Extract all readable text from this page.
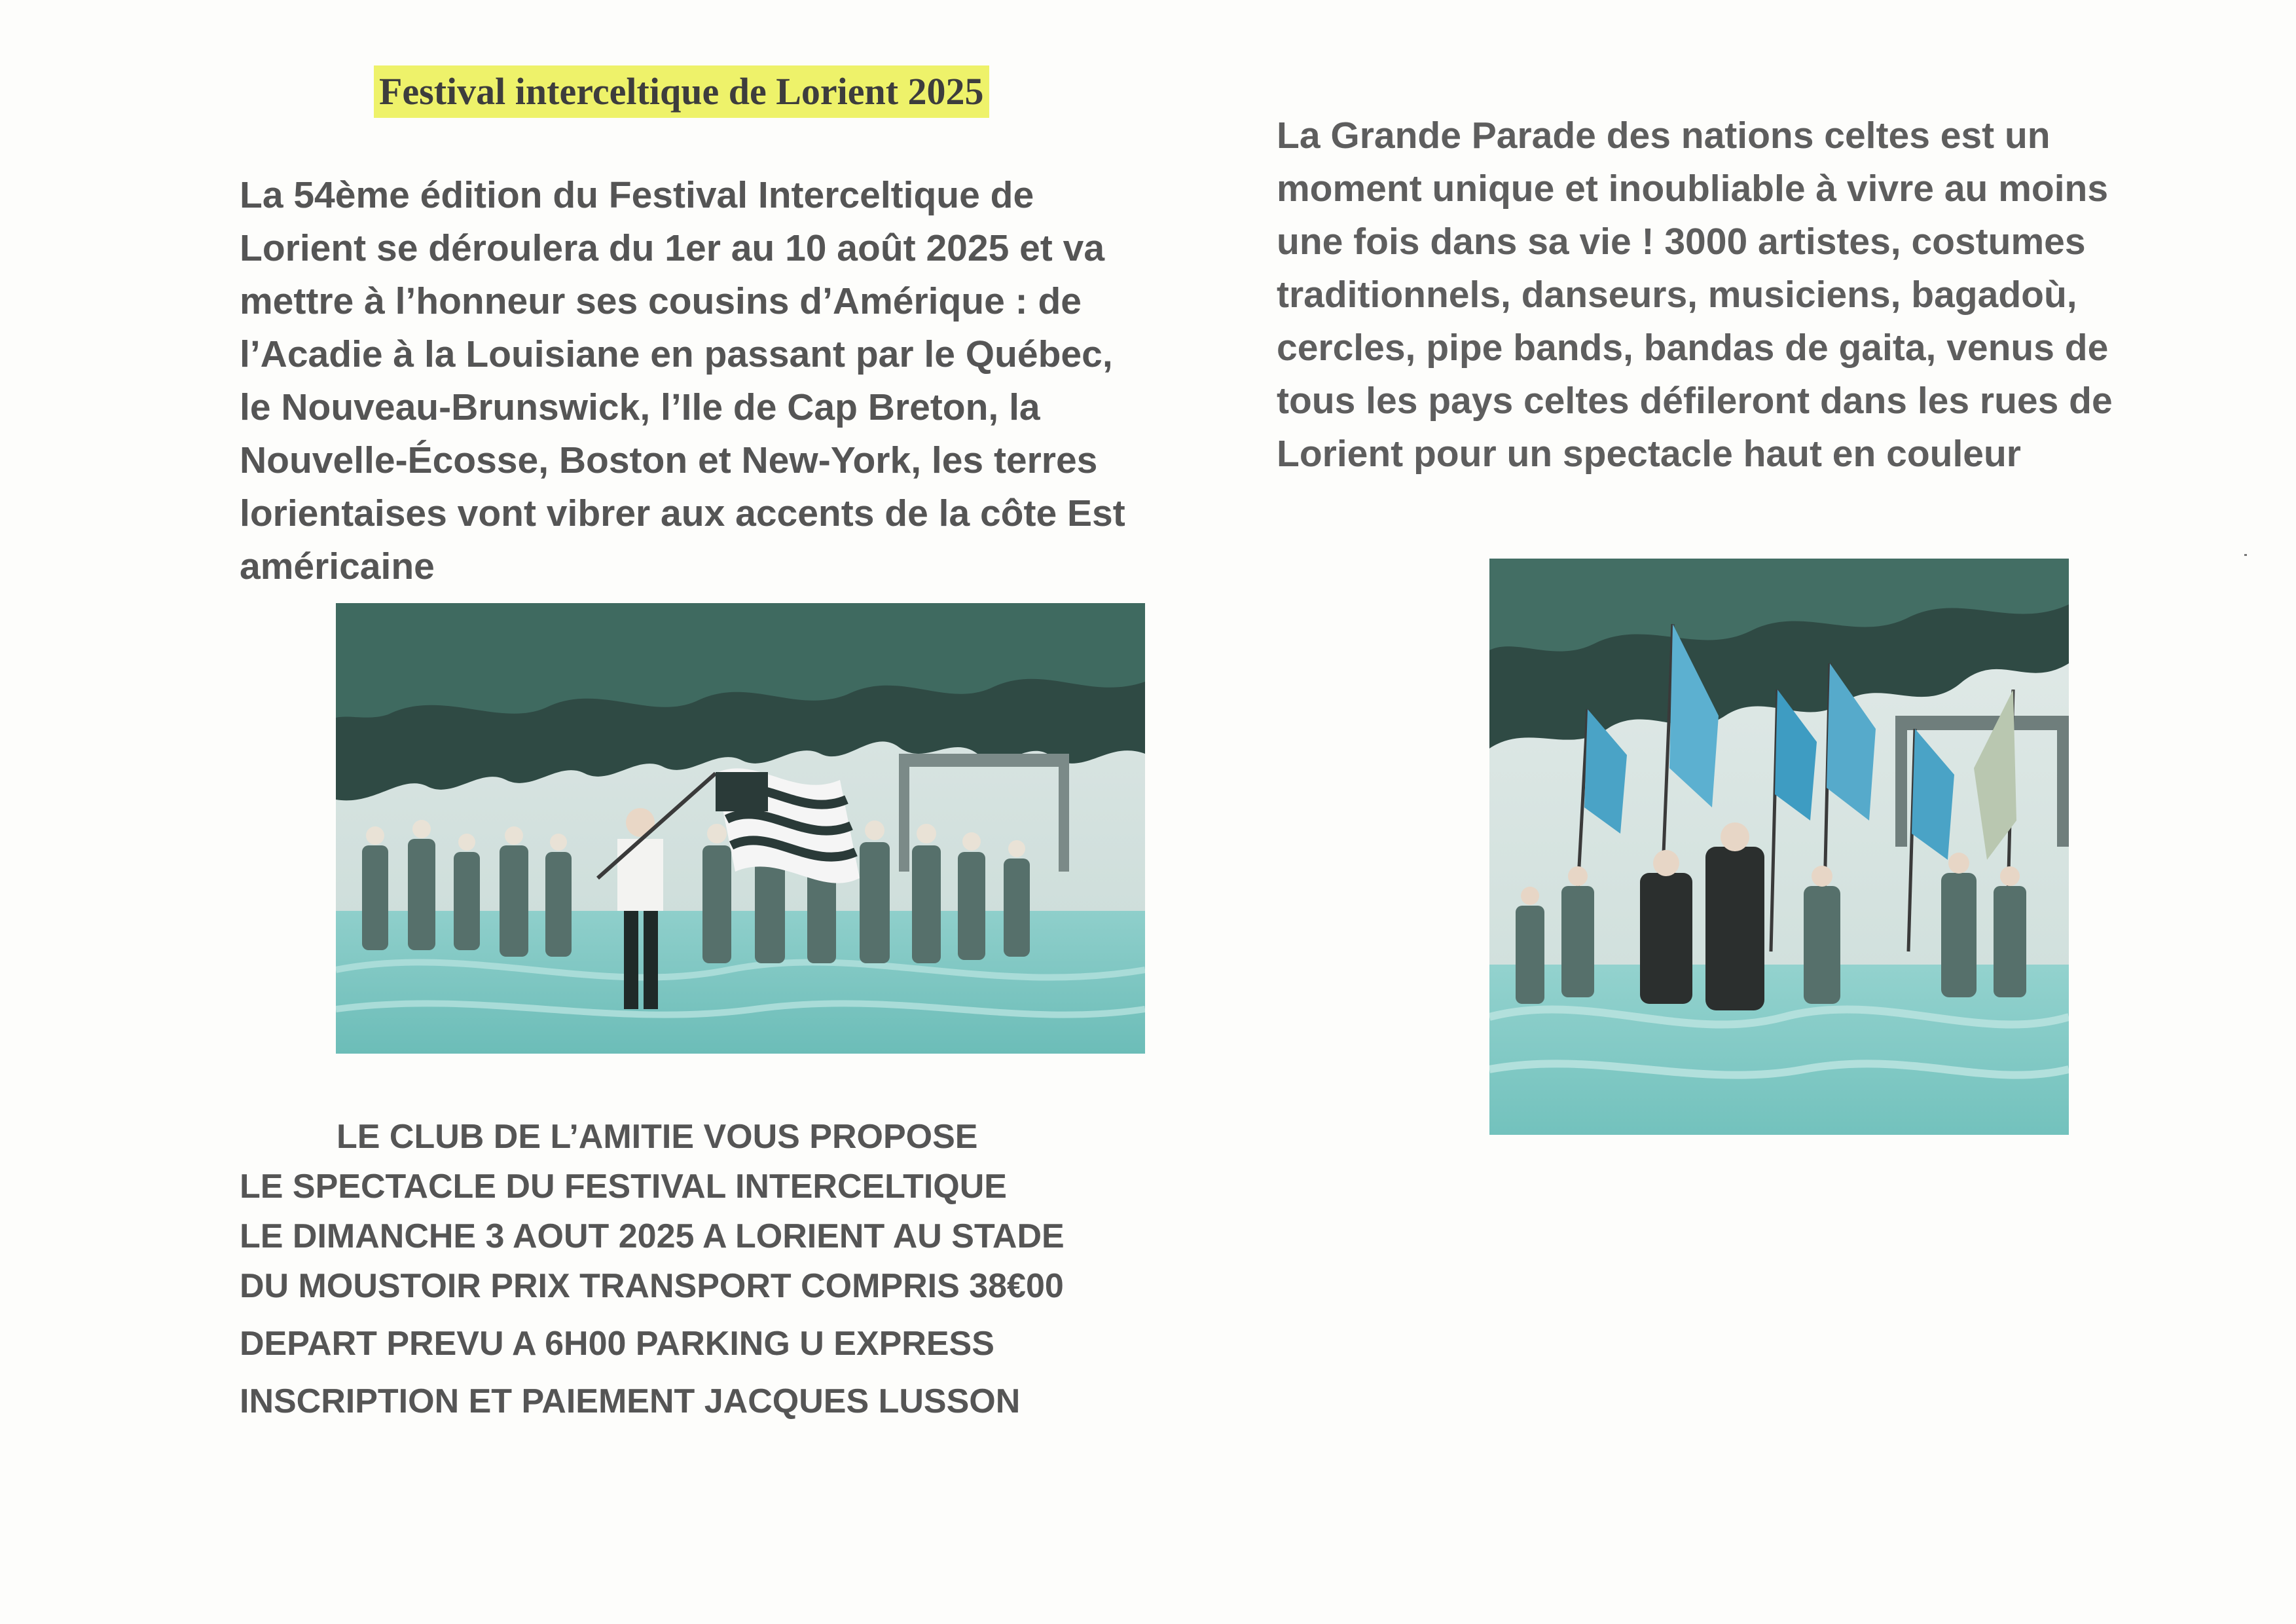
Festival interceltique de Lorient 2025

La 54ème édition du Festival Interceltique de
Lorient se déroulera du 1er au 10 août 2025 et va
mettre à l’honneur ses cousins d’Amérique : de
l’Acadie à la Louisiane en passant par le Québec,
le Nouveau-Brunswick, l’Ile de Cap Breton, la
Nouvelle-Écosse, Boston et New-York, les terres
lorientaises vont vibrer aux accents de la côte Est
américaine

La Grande Parade des nations celtes est un
moment unique et inoubliable à vivre au moins
une fois dans sa vie ! 3000 artistes, costumes
traditionnels, danseurs, musiciens, bagadoù,
cercles, pipe bands, bandas de gaita, venus de
tous les pays celtes défileront dans les rues de
Lorient pour un spectacle haut en couleur

LE CLUB DE L’AMITIE VOUS PROPOSE
LE SPECTACLE DU FESTIVAL INTERCELTIQUE
LE DIMANCHE 3 AOUT 2025 A LORIENT AU STADE
DU MOUSTOIR PRIX TRANSPORT COMPRIS 38€00
DEPART PREVU A 6H00 PARKING U EXPRESS
INSCRIPTION ET PAIEMENT JACQUES LUSSON
